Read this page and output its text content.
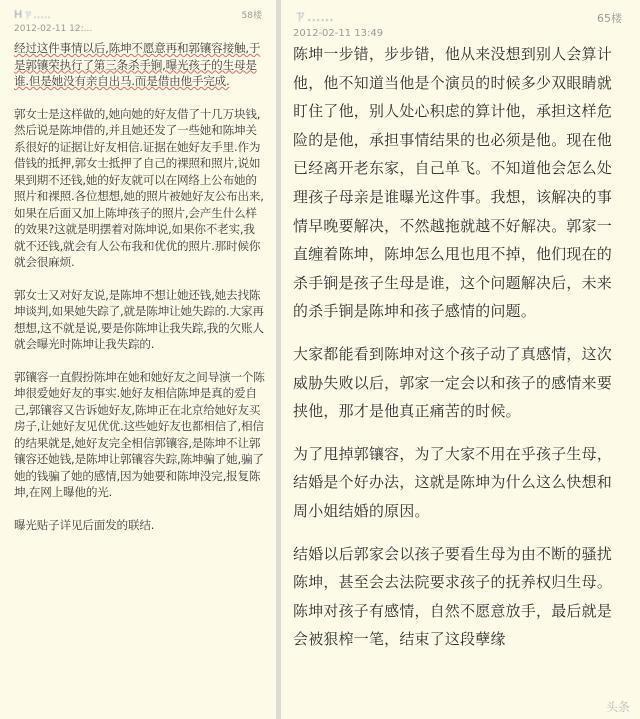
Hㄗ.....
2012-02-11 12:...
58楼

经过这件事情以后,陈坤不愿意再和郭镶容接触,于是郭镶荣执行了第三条杀手锏,曝光孩子的生母是谁.但是她没有亲自出马.而是借由他手完成.

郭女士是这样做的,她向她的好友借了十几万块钱,然后说是陈坤借的,并且她还发了一些她和陈坤关系很好的证据让好友相信.证据在她好友手里.作为借钱的抵押,郭女士抵押了自己的裸照和照片,说如果到期不还钱,她的好友就可以在网络上公布她的照片和裸照.各位想想,她的照片被她好友公布出来,如果在后面又加上陈坤孩子的照片,会产生什么样的效果?这就是明摆着对陈坤说,如果你不老实,我就不还钱,就会有人公布我和优优的照片.那时候你就会很麻烦.

郭女士又对好友说,是陈坤不想让她还钱,她去找陈坤谈判,如果她失踪了,就是陈坤让她失踪的.大家再想想,这不就是说,要是你陈坤让我失踪,我的欠账人就会曝光时陈坤让我失踪的.

郭镶容一直假扮陈坤在她和她好友之间导演一个陈坤很爱她好友的事实.她好友相信陈坤是真的爱自己,郭镶容又告诉她好友,陈坤正在北京给她好友买房子,让她好友见优优.这些她好友也都相信了,相信的结果就是,她好友完全相信郭镶容,是陈坤不让郭镶容还她钱,是陈坤让郭镶容失踪,陈坤骗了她,骗了她的钱骗了她的感情,因为她要和陈坤没完,报复陈坤,在网上曝他的光.

曝光贴子详见后面发的联结.

ㄗ......
2012-02-11 13:49
65楼

陈坤一步错，步步错，他从来没想到别人会算计他，他不知道当他是个演员的时候多少双眼睛就盯住了他，别人处心积虑的算计他，承担这样危险的是他，承担事情结果的也必须是他。现在他已经离开老东家，自己单飞。不知道他会怎么处理孩子母亲是谁曝光这件事。我想，该解决的事情早晚要解决，不然越拖就越不好解决。郭家一直缠着陈坤，陈坤怎么甩也甩不掉，他们现在的杀手锏是孩子生母是谁，这个问题解决后，未来的杀手锏是陈坤和孩子感情的问题。

大家都能看到陈坤对这个孩子动了真感情，这次威胁失败以后，郭家一定会以和孩子的感情来要挟他，那才是他真正痛苦的时候。

为了甩掉郭镶容，为了大家不用在乎孩子生母，结婚是个好办法，这就是陈坤为什么这么快想和周小姐结婚的原因。

结婚以后郭家会以孩子要看生母为由不断的骚扰陈坤，甚至会去法院要求孩子的抚养权归生母。陈坤对孩子有感情，自然不愿意放手，最后就是会被狠榨一笔，结束了这段孽缘

头条
